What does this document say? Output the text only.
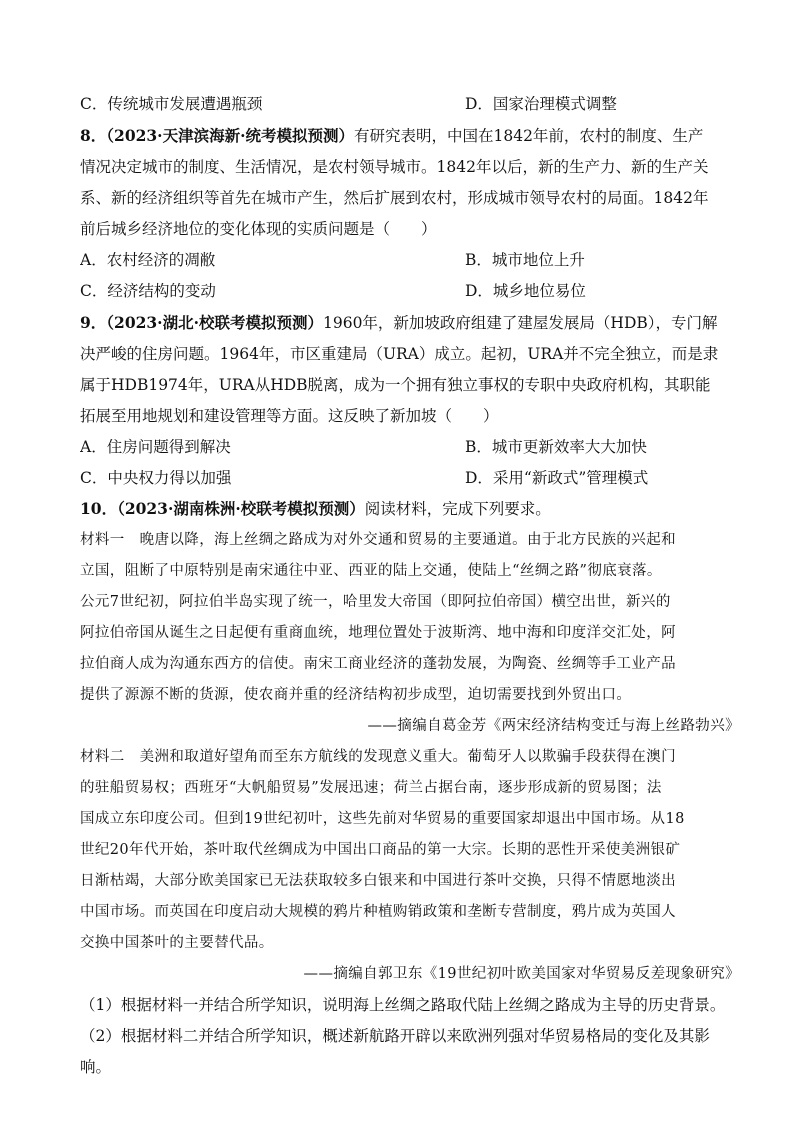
C．传统城市发展遭遇瓶颈	D．国家治理模式调整
8．（2023·天津滨海新·统考模拟预测）有研究表明，中国在1842年前，农村的制度、生产
情况决定城市的制度、生活情况，是农村领导城市。1842年以后，新的生产力、新的生产关
系、新的经济组织等首先在城市产生，然后扩展到农村，形成城市领导农村的局面。1842年
前后城乡经济地位的变化体现的实质问题是（　　）
A．农村经济的凋敝	B．城市地位上升
C．经济结构的变动	D．城乡地位易位
9．（2023·湖北·校联考模拟预测）1960年，新加坡政府组建了建屋发展局（HDB），专门解
决严峻的住房问题。1964年，市区重建局（URA）成立。起初，URA并不完全独立，而是隶
属于HDB1974年，URA从HDB脱离，成为一个拥有独立事权的专职中央政府机构，其职能
拓展至用地规划和建设管理等方面。这反映了新加坡（　　）
A．住房问题得到解决	B．城市更新效率大大加快
C．中央权力得以加强	D．采用“新政式”管理模式
10．（2023·湖南株洲·校联考模拟预测）阅读材料，完成下列要求。
材料一　晚唐以降，海上丝绸之路成为对外交通和贸易的主要通道。由于北方民族的兴起和
立国，阻断了中原特别是南宋通往中亚、西亚的陆上交通，使陆上“丝绸之路”彻底衰落。
公元7世纪初，阿拉伯半岛实现了统一，哈里发大帝国（即阿拉伯帝国）横空出世，新兴的
阿拉伯帝国从诞生之日起便有重商血统，地理位置处于波斯湾、地中海和印度洋交汇处，阿
拉伯商人成为沟通东西方的信使。南宋工商业经济的蓬勃发展，为陶瓷、丝绸等手工业产品
提供了源源不断的货源，使农商并重的经济结构初步成型，迫切需要找到外贸出口。
——摘编自葛金芳《两宋经济结构变迁与海上丝路勃兴》
材料二　美洲和取道好望角而至东方航线的发现意义重大。葡萄牙人以欺骗手段获得在澳门
的驻船贸易权；西班牙“大帆船贸易”发展迅速；荷兰占据台南，逐步形成新的贸易图；法
国成立东印度公司。但到19世纪初叶，这些先前对华贸易的重要国家却退出中国市场。从18
世纪20年代开始，茶叶取代丝绸成为中国出口商品的第一大宗。长期的恶性开采使美洲银矿
日渐枯竭，大部分欧美国家已无法获取较多白银来和中国进行茶叶交换，只得不情愿地淡出
中国市场。而英国在印度启动大规模的鸦片种植购销政策和垄断专营制度，鸦片成为英国人
交换中国茶叶的主要替代品。
——摘编自郭卫东《19世纪初叶欧美国家对华贸易反差现象研究》
（1）根据材料一并结合所学知识，说明海上丝绸之路取代陆上丝绸之路成为主导的历史背景。
（2）根据材料二并结合所学知识，概述新航路开辟以来欧洲列强对华贸易格局的变化及其影
响。
